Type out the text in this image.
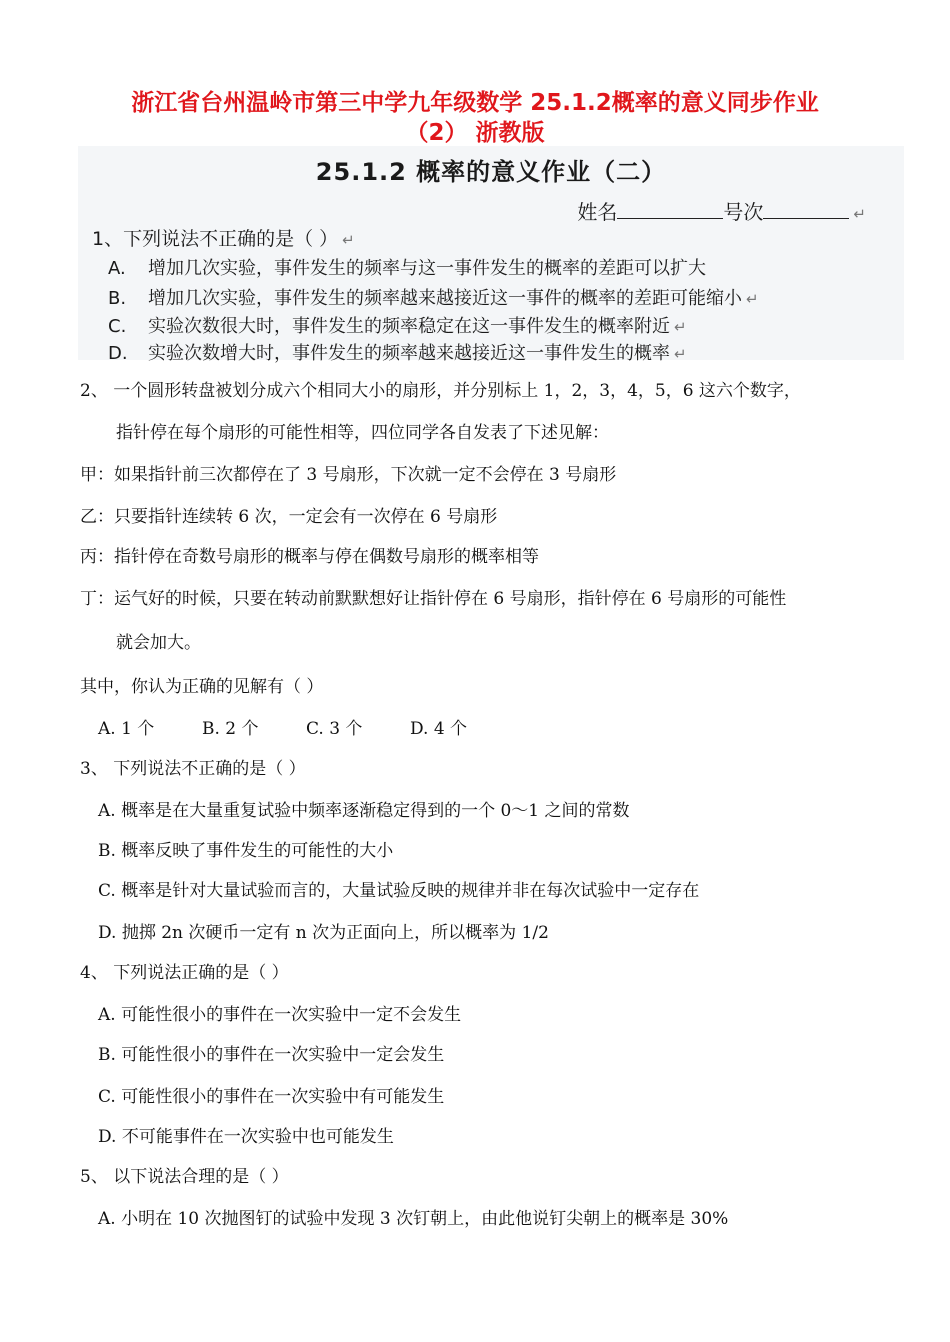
浙江省台州温岭市第三中学九年级数学 25.1.2概率的意义同步作业
（2） 浙教版
25.1.2 概率的意义作业（二）
姓名	号次	↵
1、下列说法不正确的是（ ） ↵
A. 增加几次实验，事件发生的频率与这一事件发生的概率的差距可以扩大
B. 增加几次实验，事件发生的频率越来越接近这一事件的概率的差距可能缩小 ↵
C. 实验次数很大时，事件发生的频率稳定在这一事件发生的概率附近 ↵
D. 实验次数增大时，事件发生的频率越来越接近这一事件发生的概率 ↵
2、 一个圆形转盘被划分成六个相同大小的扇形，并分别标上 1，2，3，4，5，6 这六个数字，
指针停在每个扇形的可能性相等，四位同学各自发表了下述见解：
甲：如果指针前三次都停在了 3 号扇形，下次就一定不会停在 3 号扇形
乙：只要指针连续转 6 次，一定会有一次停在 6 号扇形
丙：指针停在奇数号扇形的概率与停在偶数号扇形的概率相等
丁：运气好的时候，只要在转动前默默想好让指针停在 6 号扇形，指针停在 6 号扇形的可能性
就会加大。
其中，你认为正确的见解有（ ）
A. 1 个	B. 2 个	C. 3 个	D. 4 个
3、 下列说法不正确的是（ ）
A. 概率是在大量重复试验中频率逐渐稳定得到的一个 0～1 之间的常数
B. 概率反映了事件发生的可能性的大小
C. 概率是针对大量试验而言的，大量试验反映的规律并非在每次试验中一定存在
D. 抛掷 2n 次硬币一定有 n 次为正面向上，所以概率为 1/2
4、 下列说法正确的是（ ）
A. 可能性很小的事件在一次实验中一定不会发生
B. 可能性很小的事件在一次实验中一定会发生
C. 可能性很小的事件在一次实验中有可能发生
D. 不可能事件在一次实验中也可能发生
5、 以下说法合理的是（ ）
A. 小明在 10 次抛图钉的试验中发现 3 次钉朝上，由此他说钉尖朝上的概率是 30%
